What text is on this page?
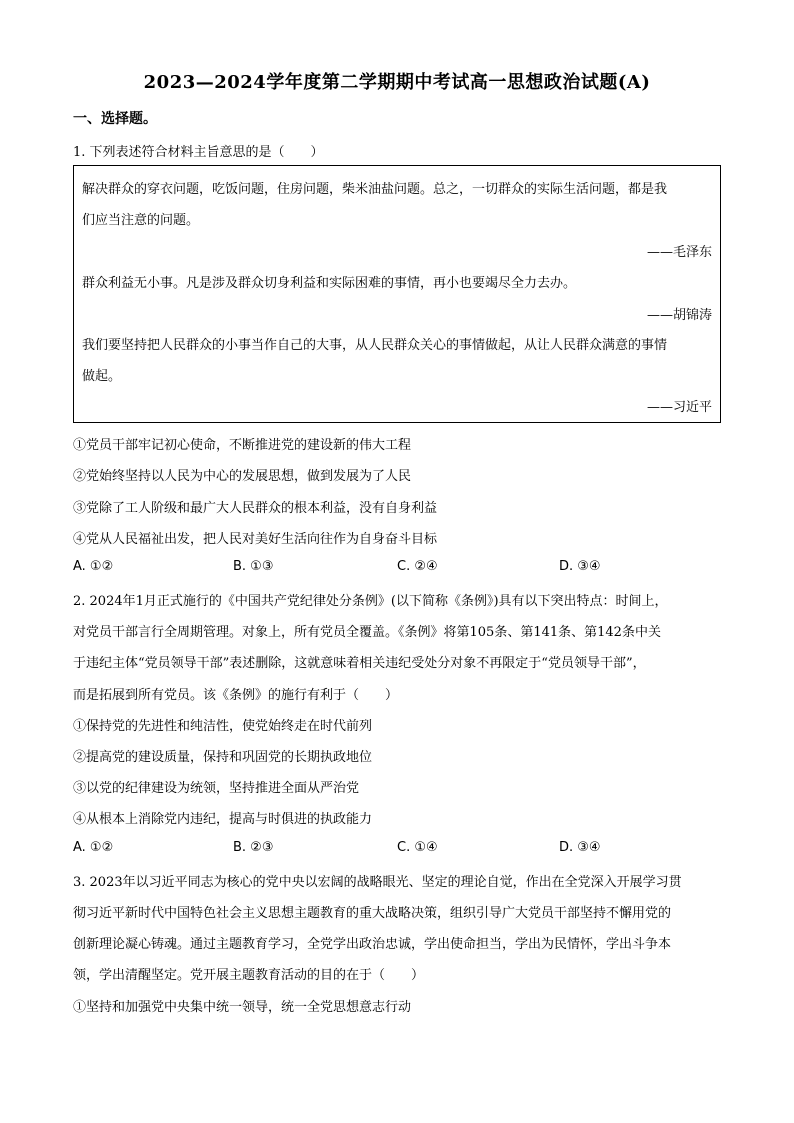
2023—2024学年度第二学期期中考试高一思想政治试题(A)
一、选择题。
1. 下列表述符合材料主旨意思的是（　　）
解决群众的穿衣问题，吃饭问题，住房问题，柴米油盐问题。总之，一切群众的实际生活问题，都是我
们应当注意的问题。
——毛泽东
群众利益无小事。凡是涉及群众切身利益和实际困难的事情，再小也要竭尽全力去办。
——胡锦涛
我们要坚持把人民群众的小事当作自己的大事，从人民群众关心的事情做起，从让人民群众满意的事情
做起。
——习近平
①党员干部牢记初心使命，不断推进党的建设新的伟大工程
②党始终坚持以人民为中心的发展思想，做到发展为了人民
③党除了工人阶级和最广大人民群众的根本利益，没有自身利益
④党从人民福祉出发，把人民对美好生活向往作为自身奋斗目标
A. ①②	B. ①③	C. ②④	D. ③④
2. 2024年1月正式施行的《中国共产党纪律处分条例》(以下简称《条例》)具有以下突出特点：时间上，
对党员干部言行全周期管理。对象上，所有党员全覆盖。《条例》将第105条、第141条、第142条中关
于违纪主体“党员领导干部”表述删除，这就意味着相关违纪受处分对象不再限定于“党员领导干部”，
而是拓展到所有党员。该《条例》的施行有利于（　　）
①保持党的先进性和纯洁性，使党始终走在时代前列
②提高党的建设质量，保持和巩固党的长期执政地位
③以党的纪律建设为统领，坚持推进全面从严治党
④从根本上消除党内违纪，提高与时俱进的执政能力
A. ①②	B. ②③	C. ①④	D. ③④
3. 2023年以习近平同志为核心的党中央以宏阔的战略眼光、坚定的理论自觉，作出在全党深入开展学习贯
彻习近平新时代中国特色社会主义思想主题教育的重大战略决策，组织引导广大党员干部坚持不懈用党的
创新理论凝心铸魂。通过主题教育学习，全党学出政治忠诚，学出使命担当，学出为民情怀，学出斗争本
领，学出清醒坚定。党开展主题教育活动的目的在于（　　）
①坚持和加强党中央集中统一领导，统一全党思想意志行动
